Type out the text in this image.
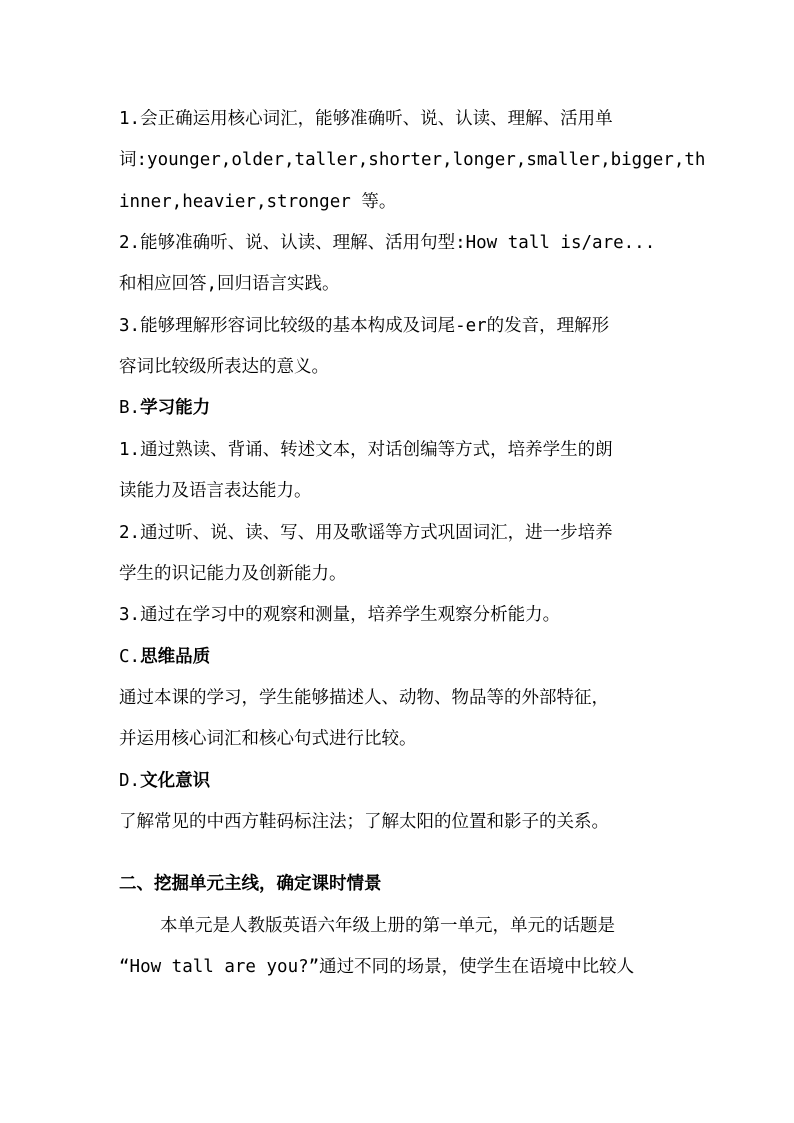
1.会正确运用核心词汇，能够准确听、说、认读、理解、活用单
词:younger,older,taller,shorter,longer,smaller,bigger,th
inner,heavier,stronger 等。
2.能够准确听、说、认读、理解、活用句型:How tall is/are...
和相应回答,回归语言实践。
3.能够理解形容词比较级的基本构成及词尾-er的发音，理解形
容词比较级所表达的意义。
B.学习能力
1.通过熟读、背诵、转述文本，对话创编等方式，培养学生的朗
读能力及语言表达能力。
2.通过听、说、读、写、用及歌谣等方式巩固词汇，进一步培养
学生的识记能力及创新能力。
3.通过在学习中的观察和测量，培养学生观察分析能力。
C.思维品质
通过本课的学习，学生能够描述人、动物、物品等的外部特征，
并运用核心词汇和核心句式进行比较。
D.文化意识
了解常见的中西方鞋码标注法；了解太阳的位置和影子的关系。
二、挖掘单元主线，确定课时情景
本单元是人教版英语六年级上册的第一单元，单元的话题是
“How tall are you?”通过不同的场景，使学生在语境中比较人
